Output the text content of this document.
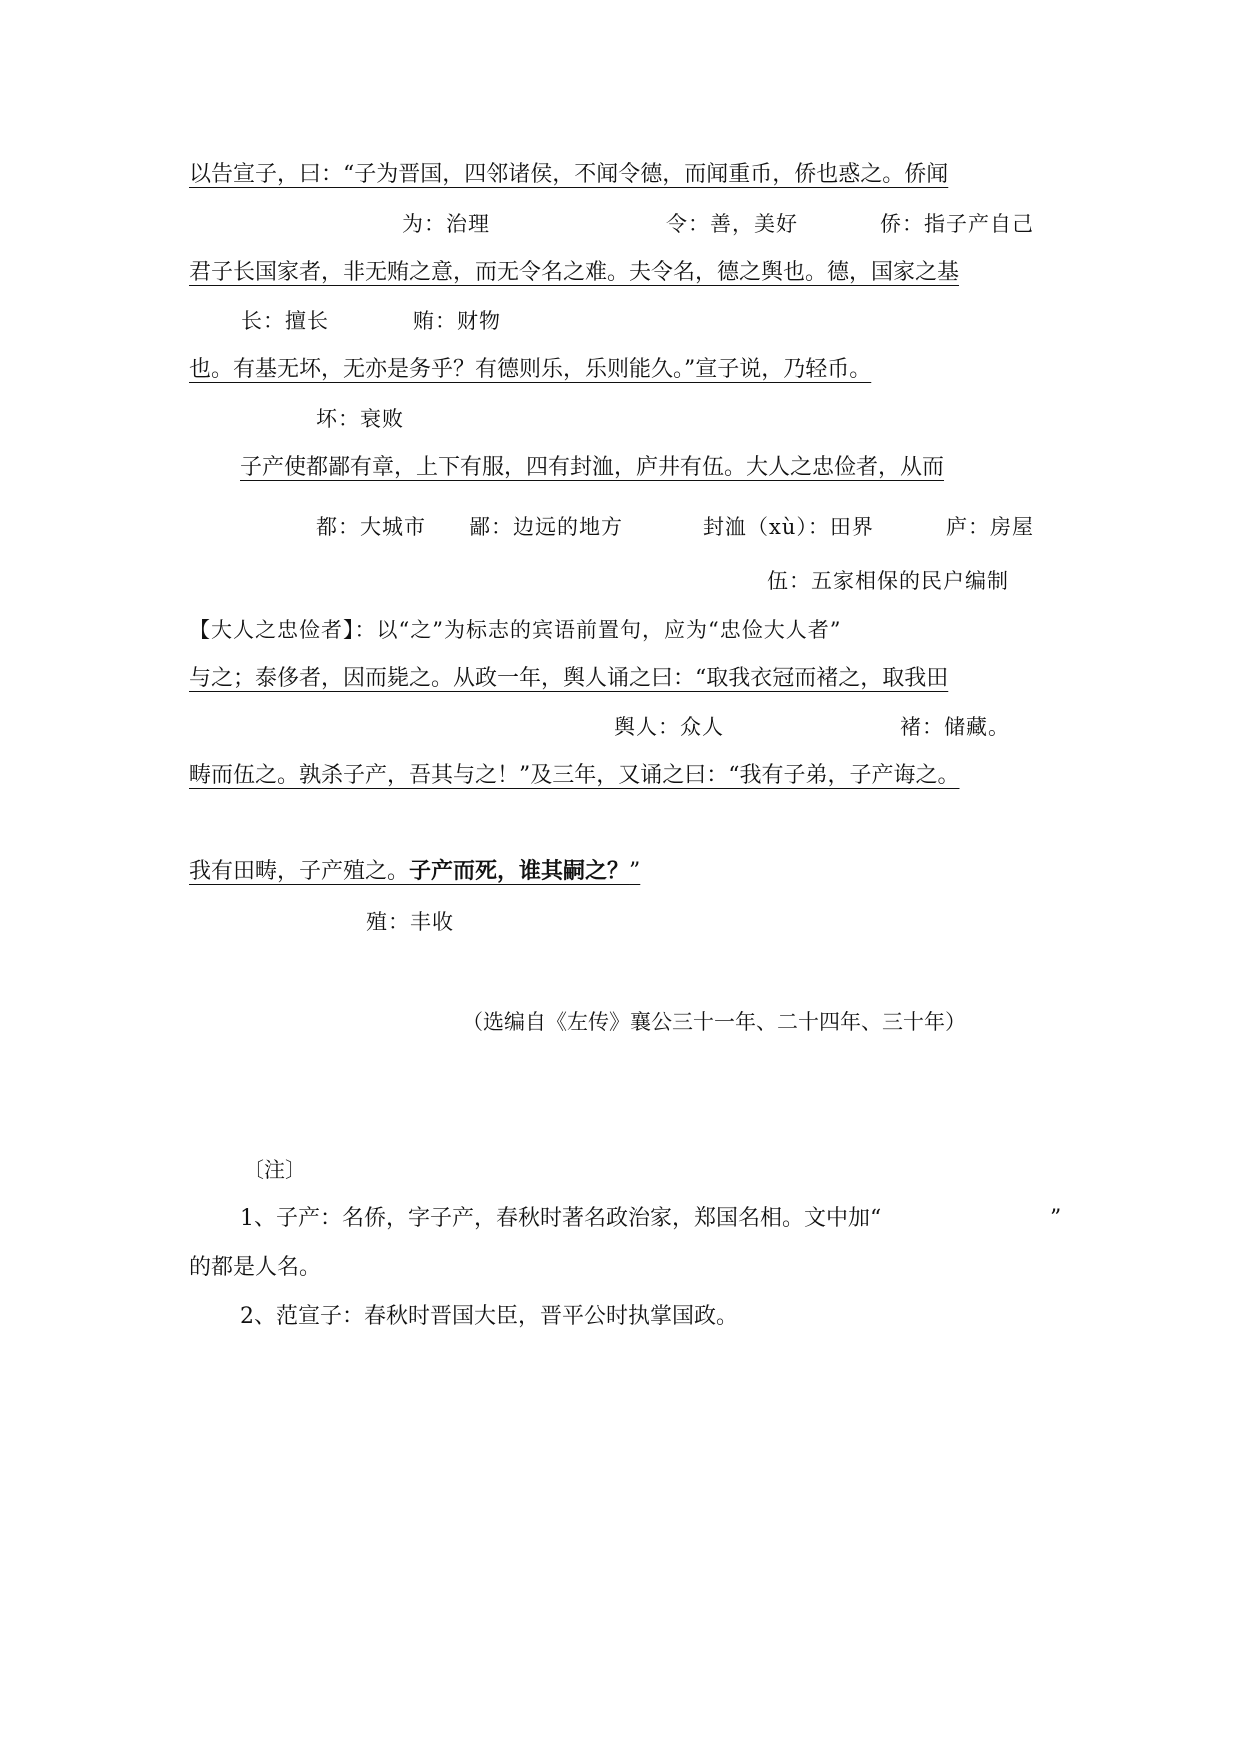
以告宣子，曰：“子为晋国，四邻诸侯，不闻令德，而闻重币，侨也惑之。侨闻
为：治理	令：善，美好	侨：指子产自己
君子长国家者，非无贿之意，而无令名之难。夫令名，德之舆也。德，国家之基
长：擅长	贿：财物
也。有基无坏，无亦是务乎？有德则乐，乐则能久。”宣子说，乃轻币。
坏：衰败
子产使都鄙有章，上下有服，四有封洫，庐井有伍。大人之忠俭者，从而
都：大城市 鄙：边远的地方	封洫（xù）：田界	庐：房屋
伍：五家相保的民户编制
【大人之忠俭者】：以“之”为标志的宾语前置句，应为“忠俭大人者”
与之；泰侈者，因而毙之。从政一年，舆人诵之曰：“取我衣冠而褚之，取我田
舆人：众人	褚：储藏。
畴而伍之。孰杀子产，吾其与之！”及三年，又诵之曰：“我有子弟，子产诲之。
我有田畴，子产殖之。子产而死，谁其嗣之？”
殖：丰收
（选编自《左传》襄公三十一年、二十四年、三十年）
〔注〕
1、子产：名侨，字子产，春秋时著名政治家，郑国名相。文中加“	”
的都是人名。
2、范宣子：春秋时晋国大臣，晋平公时执掌国政。
